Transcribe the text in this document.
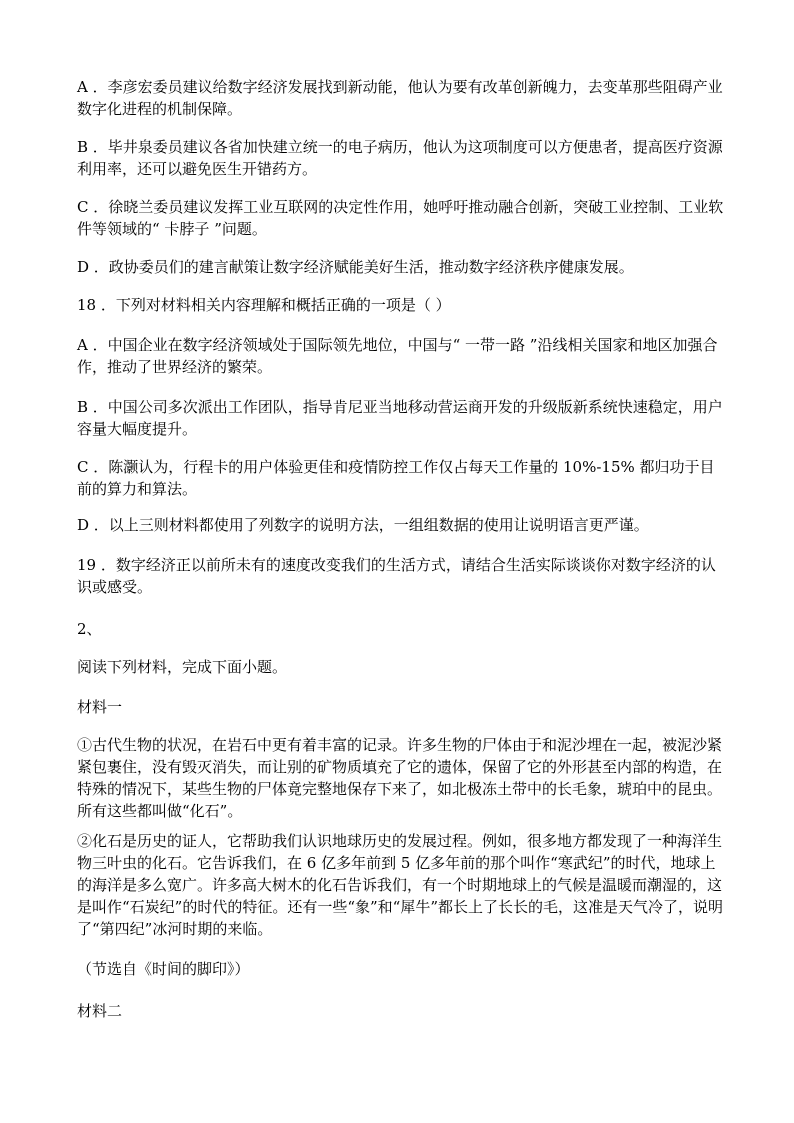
A ．李彦宏委员建议给数字经济发展找到新动能，他认为要有改革创新魄力，去变革那些阻碍产业数字化进程的机制保障。

B ．毕井泉委员建议各省加快建立统一的电子病历，他认为这项制度可以方便患者，提高医疗资源利用率，还可以避免医生开错药方。

C ．徐晓兰委员建议发挥工业互联网的决定性作用，她呼吁推动融合创新，突破工业控制、工业软件等领域的“ 卡脖子 ”问题。

D ．政协委员们的建言献策让数字经济赋能美好生活，推动数字经济秩序健康发展。

18 ．下列对材料相关内容理解和概括正确的一项是（ ）

A ．中国企业在数字经济领域处于国际领先地位，中国与“ 一带一路 ”沿线相关国家和地区加强合作，推动了世界经济的繁荣。

B ．中国公司多次派出工作团队，指导肯尼亚当地移动营运商开发的升级版新系统快速稳定，用户容量大幅度提升。

C ．陈灏认为，行程卡的用户体验更佳和疫情防控工作仅占每天工作量的 10%-15% 都归功于目前的算力和算法。

D ．以上三则材料都使用了列数字的说明方法，一组组数据的使用让说明语言更严谨。

19 ．数字经济正以前所未有的速度改变我们的生活方式，请结合生活实际谈谈你对数字经济的认识或感受。

2、

阅读下列材料，完成下面小题。

材料一

①古代生物的状况，在岩石中更有着丰富的记录。许多生物的尸体由于和泥沙埋在一起，被泥沙紧紧包裹住，没有毁灭消失，而让别的矿物质填充了它的遗体，保留了它的外形甚至内部的构造，在特殊的情况下，某些生物的尸体竟完整地保存下来了，如北极冻土带中的长毛象，琥珀中的昆虫。所有这些都叫做“化石”。

②化石是历史的证人，它帮助我们认识地球历史的发展过程。例如，很多地方都发现了一种海洋生物三叶虫的化石。它告诉我们，在 6 亿多年前到 5 亿多年前的那个叫作“寒武纪”的时代，地球上的海洋是多么宽广。许多高大树木的化石告诉我们，有一个时期地球上的气候是温暖而潮湿的，这是叫作“石炭纪”的时代的特征。还有一些“象”和“犀牛”都长上了长长的毛，这准是天气冷了，说明了“第四纪”冰河时期的来临。

（节选自《时间的脚印》）

材料二
